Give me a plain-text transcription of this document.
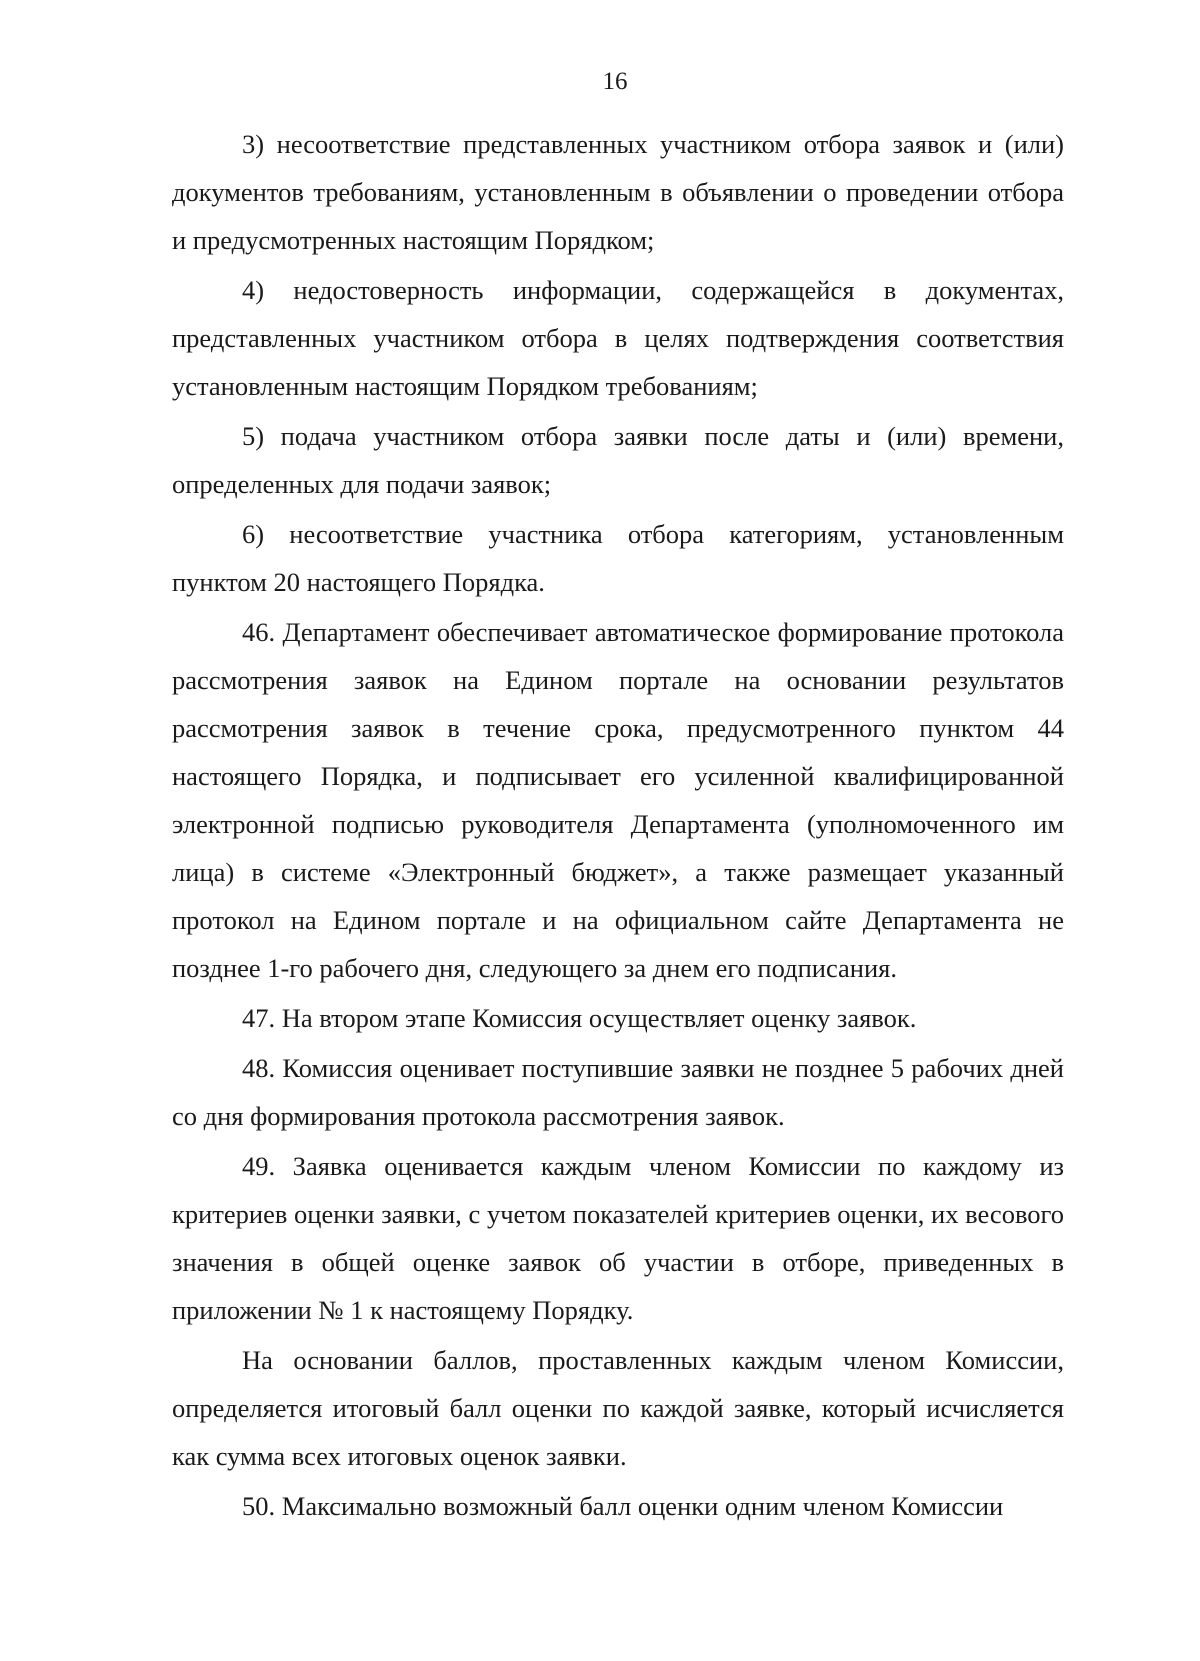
16

3) несоответствие представленных участником отбора заявок и (или) документов требованиям, установленным в объявлении о проведении отбора и предусмотренных настоящим Порядком;

4) недостоверность информации, содержащейся в документах, представленных участником отбора в целях подтверждения соответствия установленным настоящим Порядком требованиям;

5) подача участником отбора заявки после даты и (или) времени, определенных для подачи заявок;

6) несоответствие участника отбора категориям, установленным пунктом 20 настоящего Порядка.

46. Департамент обеспечивает автоматическое формирование протокола рассмотрения заявок на Едином портале на основании результатов рассмотрения заявок в течение срока, предусмотренного пунктом 44 настоящего Порядка, и подписывает его усиленной квалифицированной электронной подписью руководителя Департамента (уполномоченного им лица) в системе «Электронный бюджет», а также размещает указанный протокол на Едином портале и на официальном сайте Департамента не позднее 1-го рабочего дня, следующего за днем его подписания.

47. На втором этапе Комиссия осуществляет оценку заявок.

48. Комиссия оценивает поступившие заявки не позднее 5 рабочих дней со дня формирования протокола рассмотрения заявок.

49. Заявка оценивается каждым членом Комиссии по каждому из критериев оценки заявки, с учетом показателей критериев оценки, их весового значения в общей оценке заявок об участии в отборе, приведенных в приложении № 1 к настоящему Порядку.

На основании баллов, проставленных каждым членом Комиссии, определяется итоговый балл оценки по каждой заявке, который исчисляется как сумма всех итоговых оценок заявки.

50. Максимально возможный балл оценки одним членом Комиссии
